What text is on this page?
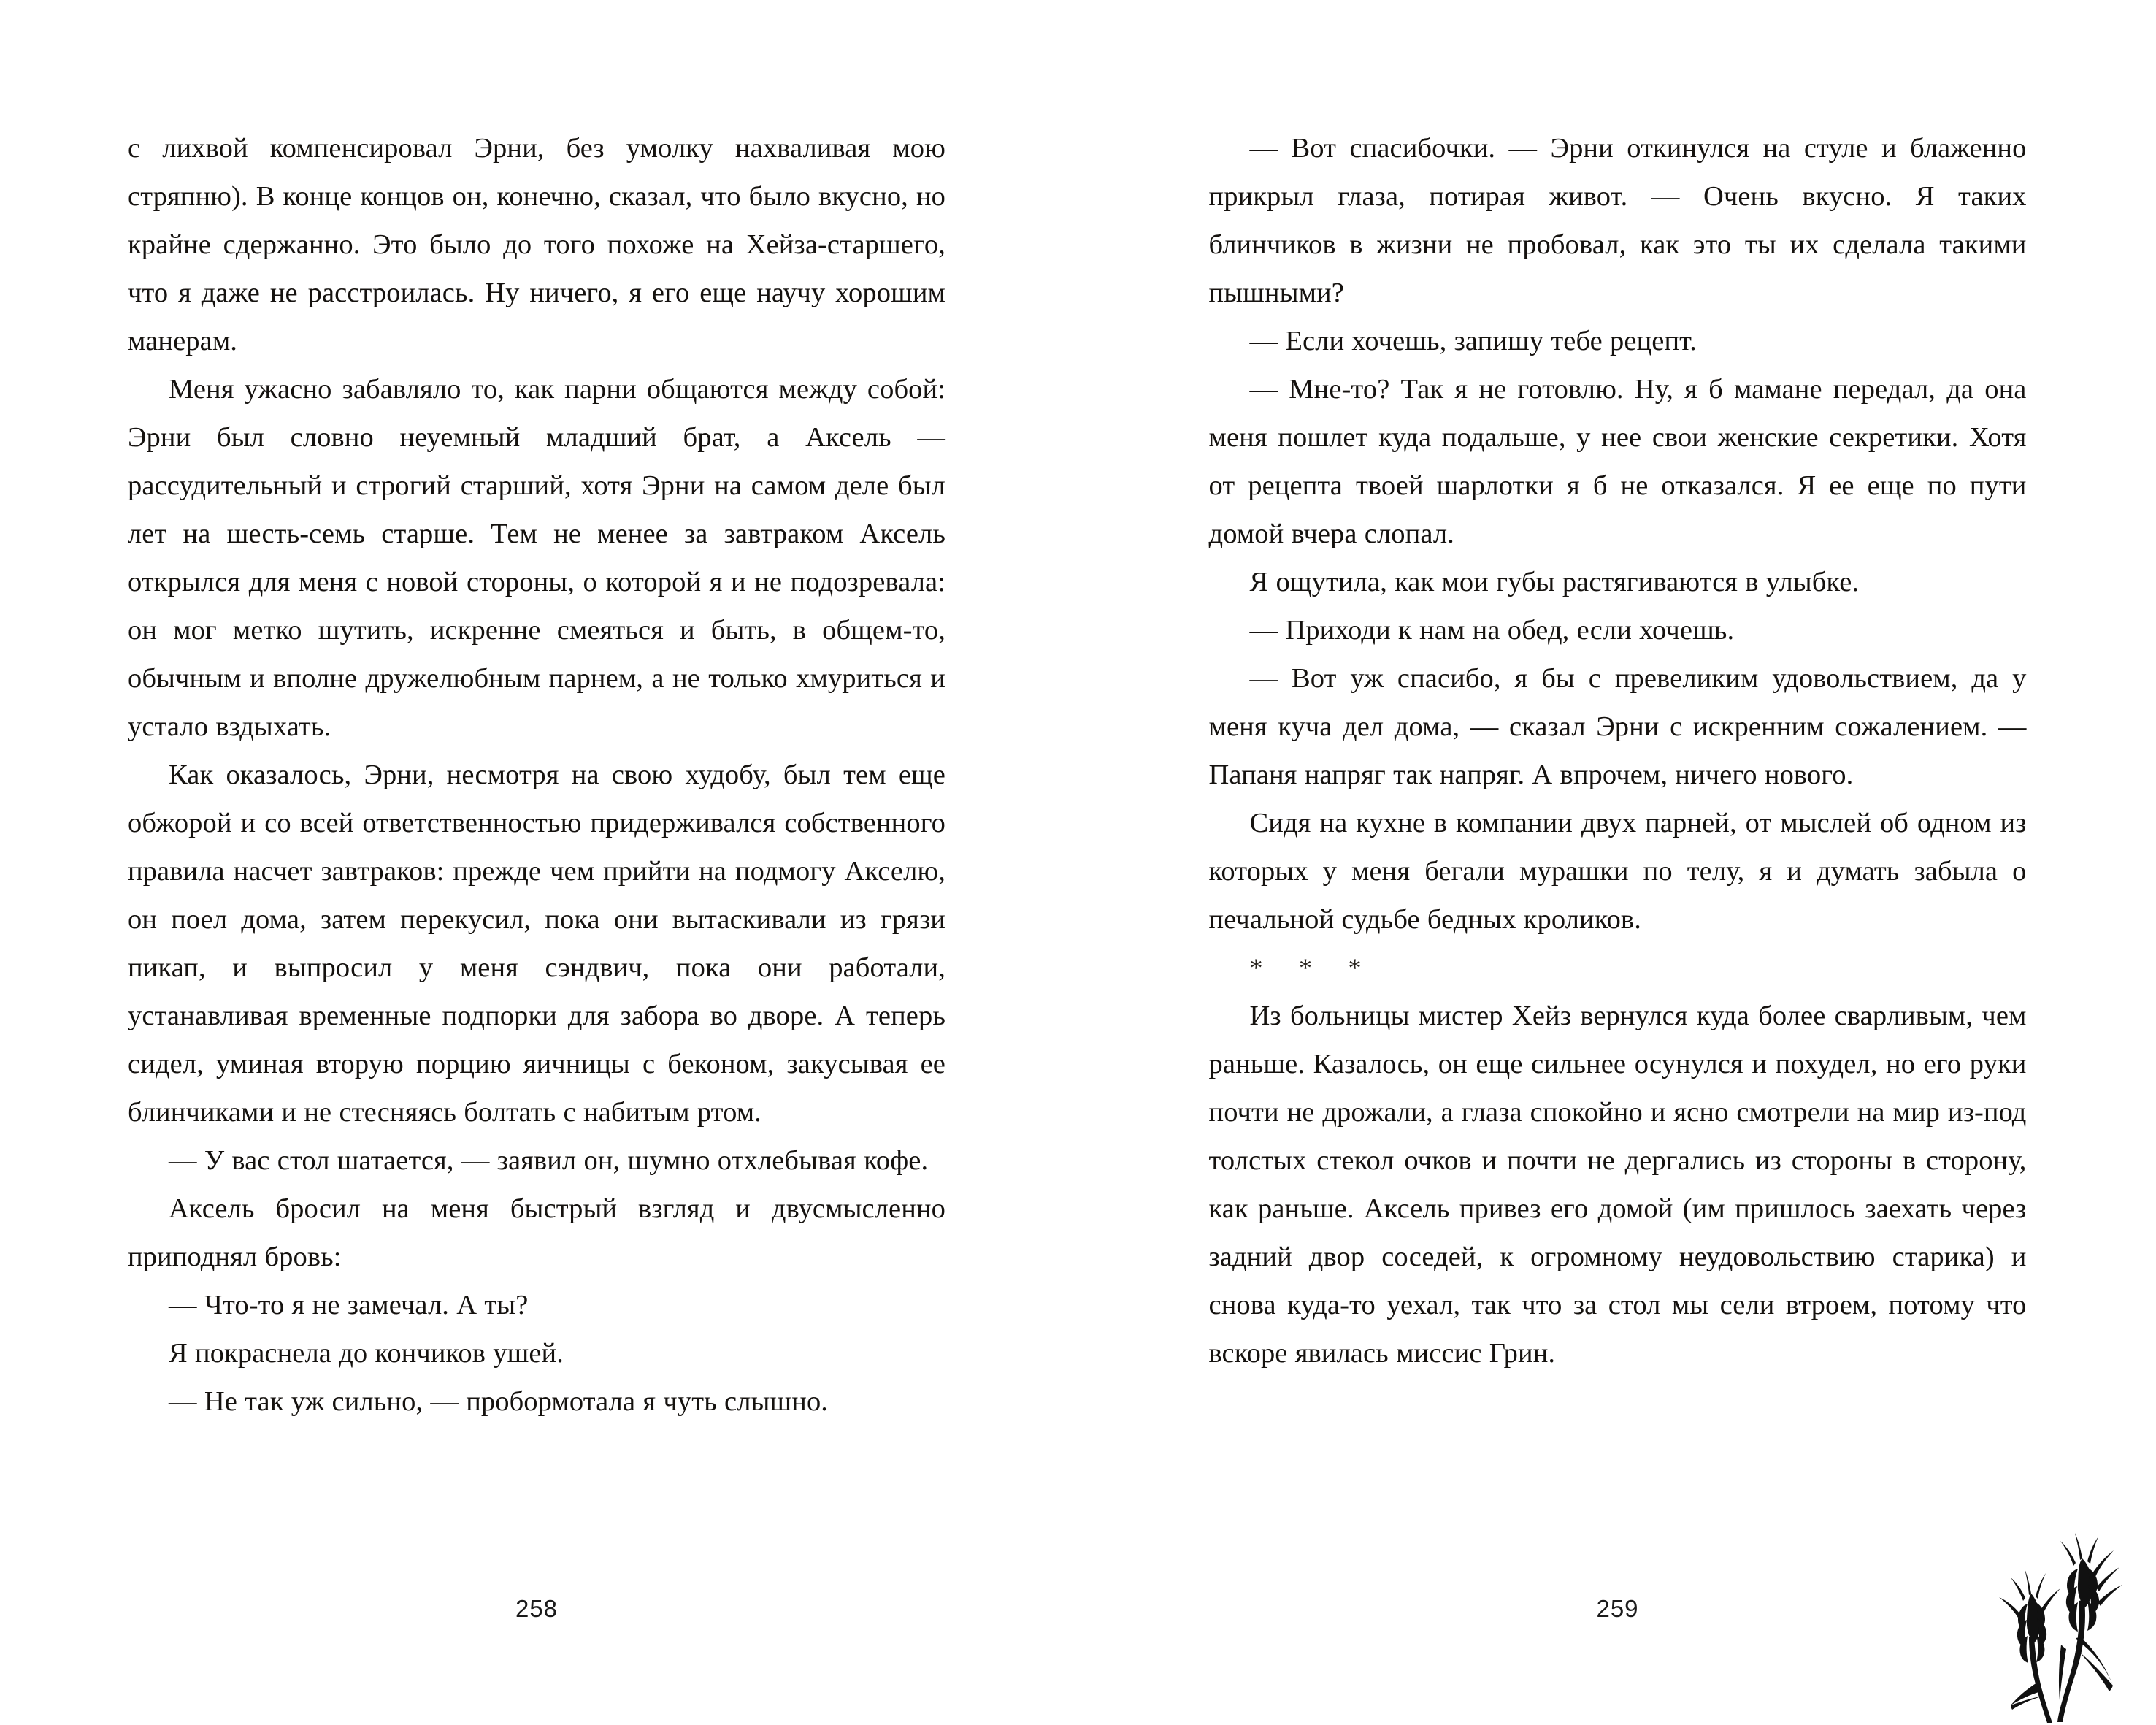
с лихвой компенсировал Эрни, без умолку нахваливая мою стряпню). В конце концов он, конечно, сказал, что было вкусно, но крайне сдержанно. Это было до того похоже на Хейза-старшего, что я даже не расстроилась. Ну ничего, я его еще научу хорошим манерам.

Меня ужасно забавляло то, как парни общаются между собой: Эрни был словно неуемный младший брат, а Аксель — рассудительный и строгий старший, хотя Эрни на самом деле был лет на шесть-семь старше. Тем не менее за завтраком Аксель открылся для меня с новой стороны, о которой я и не подозревала: он мог метко шутить, искренне смеяться и быть, в общем-то, обычным и вполне дружелюбным парнем, а не только хмуриться и устало вздыхать.

Как оказалось, Эрни, несмотря на свою худобу, был тем еще обжорой и со всей ответственностью придерживался собственного правила насчет завтраков: прежде чем прийти на подмогу Акселю, он поел дома, затем перекусил, пока они вытаскивали из грязи пикап, и выпросил у меня сэндвич, пока они работали, устанавливая временные подпорки для забора во дворе. А теперь сидел, уминая вторую порцию яичницы с беконом, закусывая ее блинчиками и не стесняясь болтать с набитым ртом.

— У вас стол шатается, — заявил он, шумно отхлебывая кофе.

Аксель бросил на меня быстрый взгляд и двусмысленно приподнял бровь:

— Что-то я не замечал. А ты?

Я покраснела до кончиков ушей.

— Не так уж сильно, — пробормотала я чуть слышно.

258

— Вот спасибочки. — Эрни откинулся на стуле и блаженно прикрыл глаза, потирая живот. — Очень вкусно. Я таких блинчиков в жизни не пробовал, как это ты их сделала такими пышными?

— Если хочешь, запишу тебе рецепт.

— Мне-то? Так я не готовлю. Ну, я б мамане передал, да она меня пошлет куда подальше, у нее свои женские секретики. Хотя от рецепта твоей шарлотки я б не отказался. Я ее еще по пути домой вчера слопал.

Я ощутила, как мои губы растягиваются в улыбке.

— Приходи к нам на обед, если хочешь.

— Вот уж спасибо, я бы с превеликим удовольствием, да у меня куча дел дома, — сказал Эрни с искренним сожалением. — Папаня напряг так напряг. А впрочем, ничего нового.

Сидя на кухне в компании двух парней, от мыслей об одном из которых у меня бегали мурашки по телу, я и думать забыла о печальной судьбе бедных кроликов.

* * *

Из больницы мистер Хейз вернулся куда более сварливым, чем раньше. Казалось, он еще сильнее осунулся и похудел, но его руки почти не дрожали, а глаза спокойно и ясно смотрели на мир из-под толстых стекол очков и почти не дергались из стороны в сторону, как раньше. Аксель привез его домой (им пришлось заехать через задний двор соседей, к огромному неудовольствию старика) и снова куда-то уехал, так что за стол мы сели втроем, потому что вскоре явилась миссис Грин.

259
